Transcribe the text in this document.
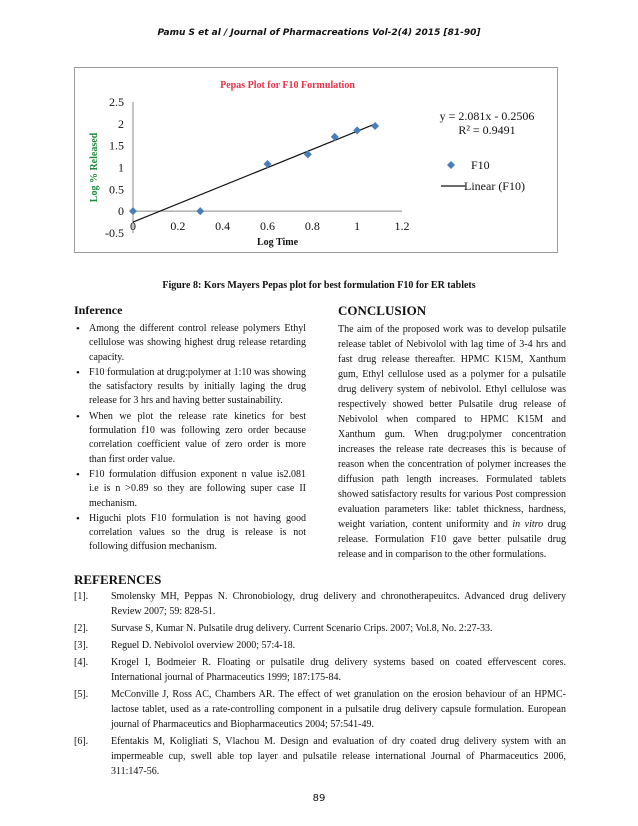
Pamu S et al / Journal of Pharmacreations Vol-2(4) 2015 [81-90]
Pepas Plot for F10 Formulation
-0.5
0
0.5
1
1.5
2
2.5
0	0.2 0.4 0.6 0.8	1	1.2
Log Time
Log % Released
y = 2.081x - 0.2506
R² = 0.9491
F10
Linear (F10)
Figure 8: Kors Mayers Pepas plot for best formulation F10 for ER tablets
Inference
• Among the different control release polymers Ethyl cellulose was showing highest drug release retarding capacity.
• F10 formulation at drug:polymer at 1:10 was showing the satisfactory results by initially laging the drug release for 3 hrs and having better sustainability.
• When we plot the release rate kinetics for best formulation f10 was following zero order because correlation coefficient value of zero order is more than first order value.
• F10 formulation diffusion exponent n value is2.081 i.e is n >0.89 so they are following super case II mechanism.
• Higuchi plots F10 formulation is not having good correlation values so the drug is release is not following diffusion mechanism.
CONCLUSION

The aim of the proposed work was to develop pulsatile release tablet of Nebivolol with lag time of 3-4 hrs and fast drug release thereafter. HPMC K15M, Xanthum gum, Ethyl cellulose used as a polymer for a pulsatile drug delivery system of nebivolol. Ethyl cellulose was respectively showed better Pulsatile drug release of Nebivolol when compared to HPMC K15M and Xanthum gum. When drug:polymer concentration increases the release rate decreases this is because of reason when the concentration of polymer increases the diffusion path length increases. Formulated tablets showed satisfactory results for various Post compression evaluation parameters like: tablet thickness, hardness, weight variation, content uniformity and in vitro drug release. Formulation F10 gave better pulsatile drug release and in comparison to the other formulations.

REFERENCES
[1]. Smolensky MH, Peppas N. Chronobiology, drug delivery and chronotherapeuitcs. Advanced drug delivery Review 2007; 59: 828-51.
[2]. Survase S, Kumar N. Pulsatile drug delivery. Current Scenario Crips. 2007; Vol.8, No. 2:27-33.
[3]. Reguel D. Nebivolol overview 2000; 57:4-18.
[4]. Krogel I, Bodmeier R. Floating or pulsatile drug delivery systems based on coated effervescent cores. International journal of Pharmaceutics 1999; 187:175-84.
[5]. McConville J, Ross AC, Chambers AR. The effect of wet granulation on the erosion behaviour of an HPMC-lactose tablet, used as a rate-controlling component in a pulsatile drug delivery capsule formulation. European journal of Pharmaceutics and Biopharmaceutics 2004; 57:541-49.
[6]. Efentakis M, Koligliati S, Vlachou M. Design and evaluation of dry coated drug delivery system with an impermeable cup, swell able top layer and pulsatile release international Journal of Pharmaceutics 2006, 311:147-56.
89
